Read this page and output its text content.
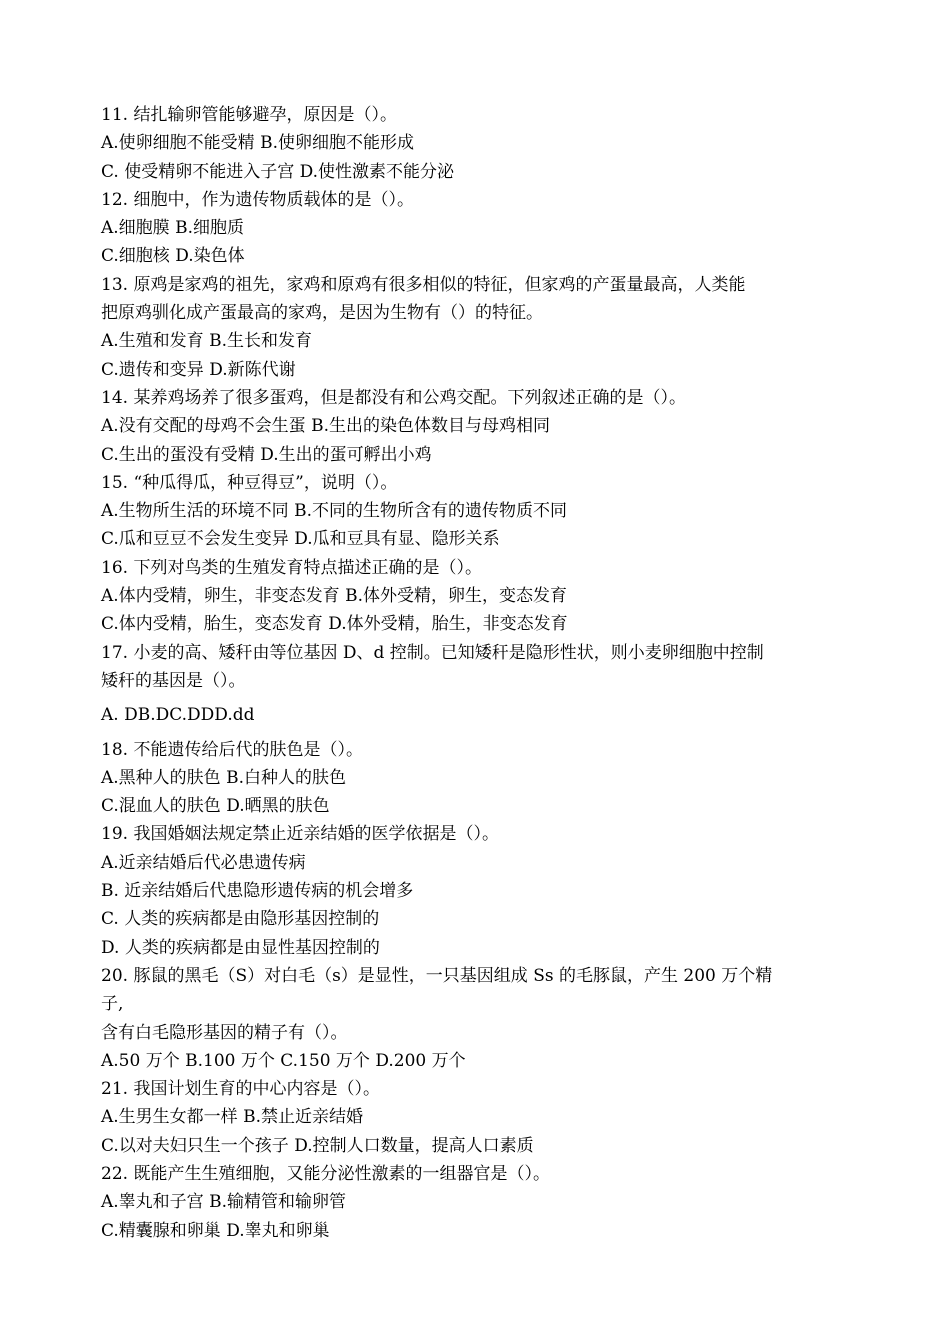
11. 结扎输卵管能够避孕，原因是（）。
A.使卵细胞不能受精 B.使卵细胞不能形成
C. 使受精卵不能进入子宫 D.使性激素不能分泌
12. 细胞中，作为遗传物质载体的是（）。
A.细胞膜 B.细胞质
C.细胞核 D.染色体
13. 原鸡是家鸡的祖先，家鸡和原鸡有很多相似的特征，但家鸡的产蛋量最高，人类能
把原鸡驯化成产蛋最高的家鸡，是因为生物有（）的特征。
A.生殖和发育 B.生长和发育
C.遗传和变异 D.新陈代谢
14. 某养鸡场养了很多蛋鸡，但是都没有和公鸡交配。下列叙述正确的是（）。
A.没有交配的母鸡不会生蛋 B.生出的染色体数目与母鸡相同
C.生出的蛋没有受精 D.生出的蛋可孵出小鸡
15. “种瓜得瓜，种豆得豆”，说明（）。
A.生物所生活的环境不同 B.不同的生物所含有的遗传物质不同
C.瓜和豆豆不会发生变异 D.瓜和豆具有显、隐形关系
16. 下列对鸟类的生殖发育特点描述正确的是（）。
A.体内受精，卵生，非变态发育 B.体外受精，卵生，变态发育
C.体内受精，胎生，变态发育 D.体外受精，胎生，非变态发育
17. 小麦的高、矮秆由等位基因 D、d 控制。已知矮秆是隐形性状，则小麦卵细胞中控制
矮秆的基因是（）。
A. DB.DC.DDD.dd
18. 不能遗传给后代的肤色是（）。
A.黑种人的肤色 B.白种人的肤色
C.混血人的肤色 D.晒黑的肤色
19. 我国婚姻法规定禁止近亲结婚的医学依据是（）。
A.近亲结婚后代必患遗传病
B. 近亲结婚后代患隐形遗传病的机会增多
C. 人类的疾病都是由隐形基因控制的
D. 人类的疾病都是由显性基因控制的
20. 豚鼠的黑毛（S）对白毛（s）是显性，一只基因组成 Ss 的毛豚鼠，产生 200 万个精
子,
含有白毛隐形基因的精子有（）。
A.50 万个 B.100 万个 C.150 万个 D.200 万个
21. 我国计划生育的中心内容是（）。
A.生男生女都一样 B.禁止近亲结婚
C.以对夫妇只生一个孩子 D.控制人口数量，提高人口素质
22. 既能产生生殖细胞，又能分泌性激素的一组器官是（）。
A.睾丸和子宫 B.输精管和输卵管
C.精囊腺和卵巢 D.睾丸和卵巢
